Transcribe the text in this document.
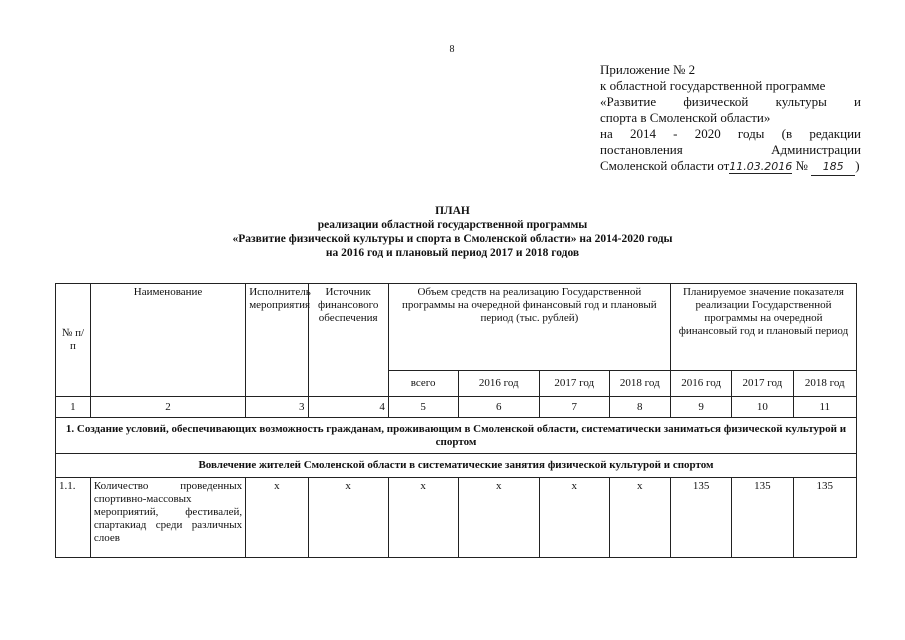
8
Приложение № 2
к областной государственной программе
«Развитие физической культуры и
спорта в Смоленской области»
на 2014 - 2020 годы (в редакции
постановления Администрации
Смоленской области от11.03.2016 № 185 )
ПЛАН
реализации областной государственной программы
«Развитие физической культуры и спорта в Смоленской области» на 2014-2020 годы
на 2016 год и плановый период 2017 и 2018 годов
№ п/п	Наименование	Исполнитель мероприятия	Источник финансового обеспечения	Объем средств на реализацию Государственной программы на очередной финансовый год и плановый период (тыс. рублей)				Планируемое значение показателя реализации Государственной программы на очередной финансовый год и плановый период		
				всего	2016 год	2017 год	2018 год	2016 год	2017 год	2018 год
1	2	3	4	5	6	7	8	9	10	11
1. Создание условий, обеспечивающих возможность гражданам, проживающим в Смоленской области, систематически заниматься физической культурой и спортом										
Вовлечение жителей Смоленской области в систематические занятия физической культурой и спортом										
1.1.	Количество проведенных спортивно-массовых мероприятий, фестивалей, спартакиад среди различных слоев	х	х	х	х	х	х	135	135	135
